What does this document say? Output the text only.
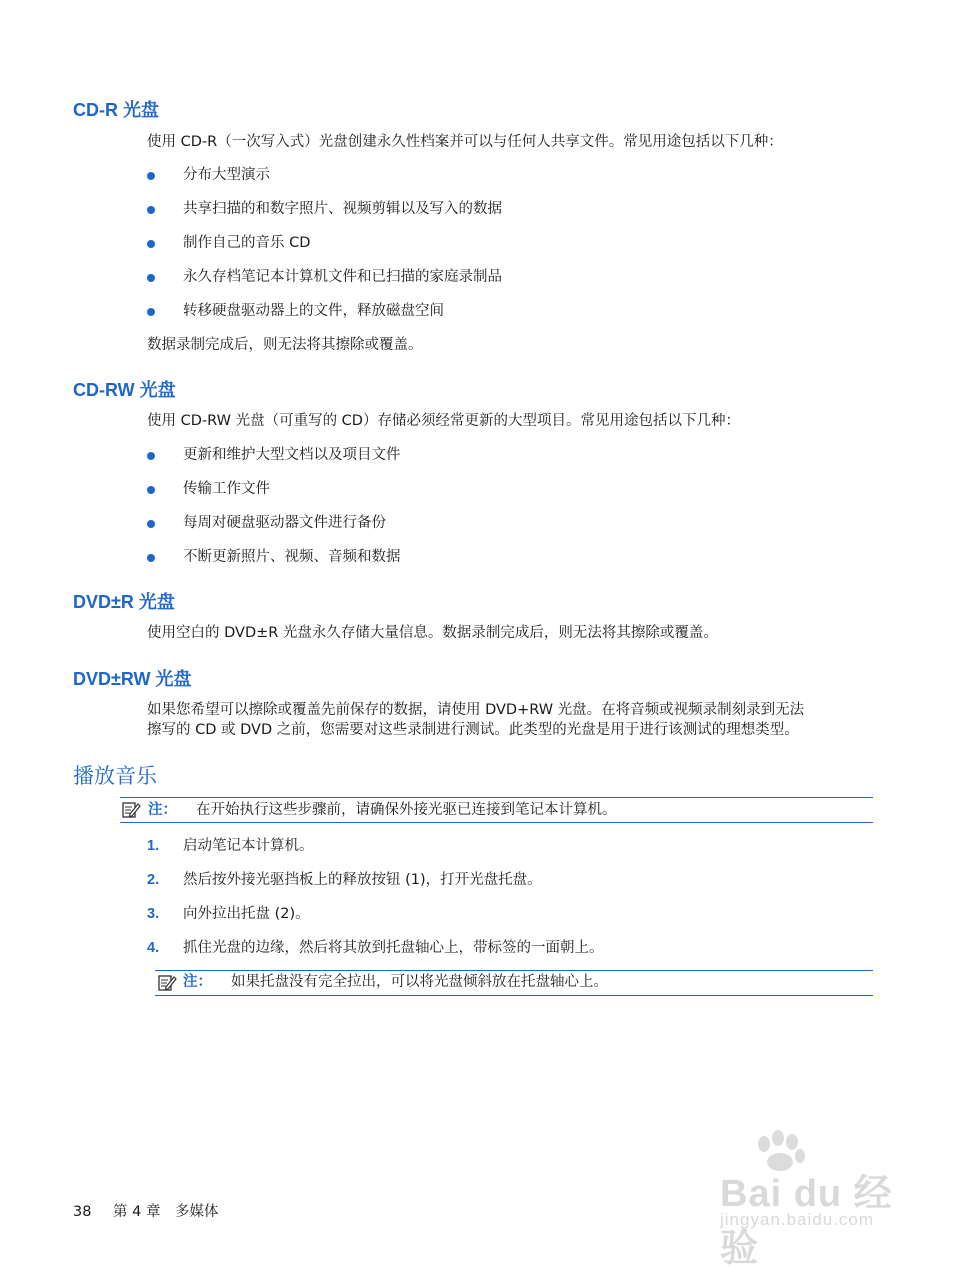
CD-R 光盘

使用 CD-R（一次写入式）光盘创建永久性档案并可以与任何人共享文件。常见用途包括以下几种：

分布大型演示

共享扫描的和数字照片、视频剪辑以及写入的数据

制作自己的音乐 CD

永久存档笔记本计算机文件和已扫描的家庭录制品

转移硬盘驱动器上的文件，释放磁盘空间

数据录制完成后，则无法将其擦除或覆盖。

CD-RW 光盘

使用 CD-RW 光盘（可重写的 CD）存储必须经常更新的大型项目。常见用途包括以下几种：

更新和维护大型文档以及项目文件

传输工作文件

每周对硬盘驱动器文件进行备份

不断更新照片、视频、音频和数据

DVD±R 光盘

使用空白的 DVD±R 光盘永久存储大量信息。数据录制完成后，则无法将其擦除或覆盖。

DVD±RW 光盘

如果您希望可以擦除或覆盖先前保存的数据，请使用 DVD+RW 光盘。在将音频或视频录制刻录到无法

擦写的 CD 或 DVD 之前，您需要对这些录制进行测试。此类型的光盘是用于进行该测试的理想类型。

播放音乐

注： 在开始执行这些步骤前，请确保外接光驱已连接到笔记本计算机。

1. 启动笔记本计算机。

2. 然后按外接光驱挡板上的释放按钮 (1)，打开光盘托盘。

3. 向外拉出托盘 (2)。

4. 抓住光盘的边缘，然后将其放到托盘轴心上，带标签的一面朝上。

注： 如果托盘没有完全拉出，可以将光盘倾斜放在托盘轴心上。

38 第 4 章 多媒体	Bai du 经验
jingyan.baidu.com
